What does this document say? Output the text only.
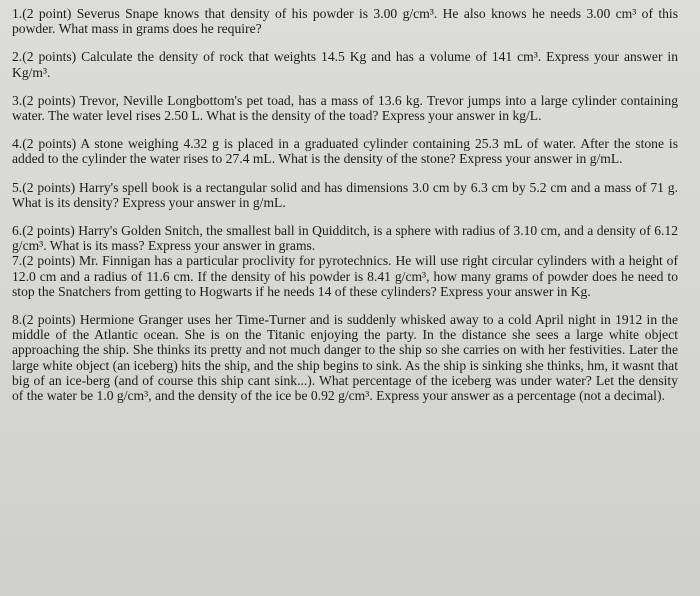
1.(2 point) Severus Snape knows that density of his powder is 3.00 g/cm³. He also knows he needs 3.00 cm³ of this powder. What mass in grams does he require?

2.(2 points) Calculate the density of rock that weights 14.5 Kg and has a volume of 141 cm³. Express your answer in Kg/m³.

3.(2 points) Trevor, Neville Longbottom's pet toad, has a mass of 13.6 kg. Trevor jumps into a large cylinder containing water. The water level rises 2.50 L. What is the density of the toad? Express your answer in kg/L.

4.(2 points) A stone weighing 4.32 g is placed in a graduated cylinder containing 25.3 mL of water. After the stone is added to the cylinder the water rises to 27.4 mL. What is the density of the stone? Express your answer in g/mL.

5.(2 points) Harry's spell book is a rectangular solid and has dimensions 3.0 cm by 6.3 cm by 5.2 cm and a mass of 71 g. What is its density? Express your answer in g/mL.

6.(2 points) Harry's Golden Snitch, the smallest ball in Quidditch, is a sphere with radius of 3.10 cm, and a density of 6.12 g/cm³. What is its mass? Express your answer in grams.

7.(2 points) Mr. Finnigan has a particular proclivity for pyrotechnics. He will use right circular cylinders with a height of 12.0 cm and a radius of 11.6 cm. If the density of his powder is 8.41 g/cm³, how many grams of powder does he need to stop the Snatchers from getting to Hogwarts if he needs 14 of these cylinders? Express your answer in Kg.

8.(2 points) Hermione Granger uses her Time-Turner and is suddenly whisked away to a cold April night in 1912 in the middle of the Atlantic ocean. She is on the Titanic enjoying the party. In the distance she sees a large white object approaching the ship. She thinks its pretty and not much danger to the ship so she carries on with her festivities. Later the large white object (an iceberg) hits the ship, and the ship begins to sink. As the ship is sinking she thinks, hm, it wasnt that big of an ice-berg (and of course this ship cant sink...). What percentage of the iceberg was under water? Let the density of the water be 1.0 g/cm³, and the density of the ice be 0.92 g/cm³. Express your answer as a percentage (not a decimal).
